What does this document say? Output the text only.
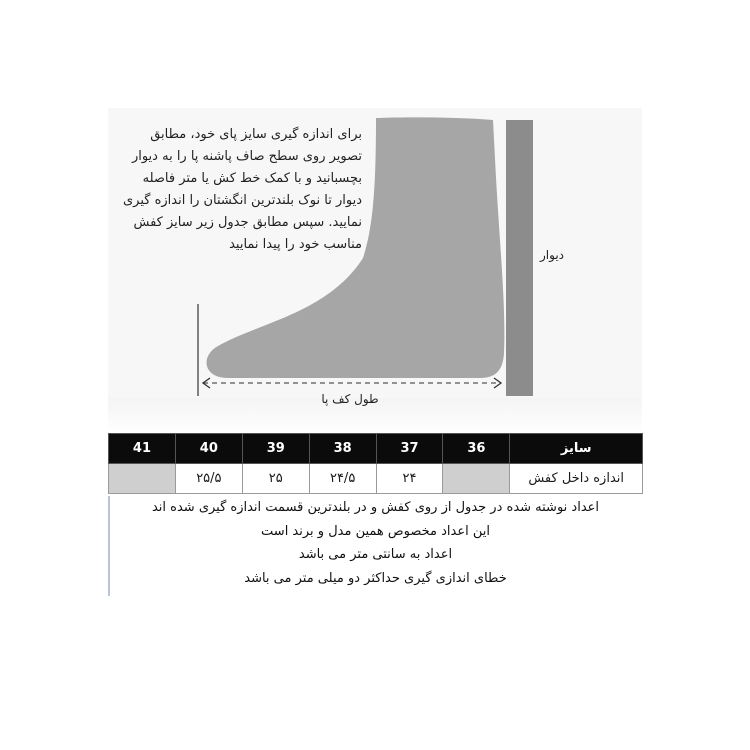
برای اندازه گیری سایز پای خود، مطابق تصویر روی سطح صاف پاشنه پا را به دیوار بچسبانید و با کمک خط کش یا متر فاصله دیوار تا نوک بلندترین انگشتان را اندازه گیری نمایید. سپس مطابق جدول زیر سایز کفش مناسب خود را پیدا نمایید
دیوار
طول کف پا
سایز	36	37	38	39	40	41
اندازه داخل کفش		۲۴	۲۴/۵	۲۵	۲۵/۵	
اعداد نوشته شده در جدول از روی کفش و در بلندترین قسمت اندازه گیری شده اند
این اعداد مخصوص همین مدل و برند است
اعداد به سانتی متر می باشد
خطای اندازی گیری حداکثر دو میلی متر می باشد
